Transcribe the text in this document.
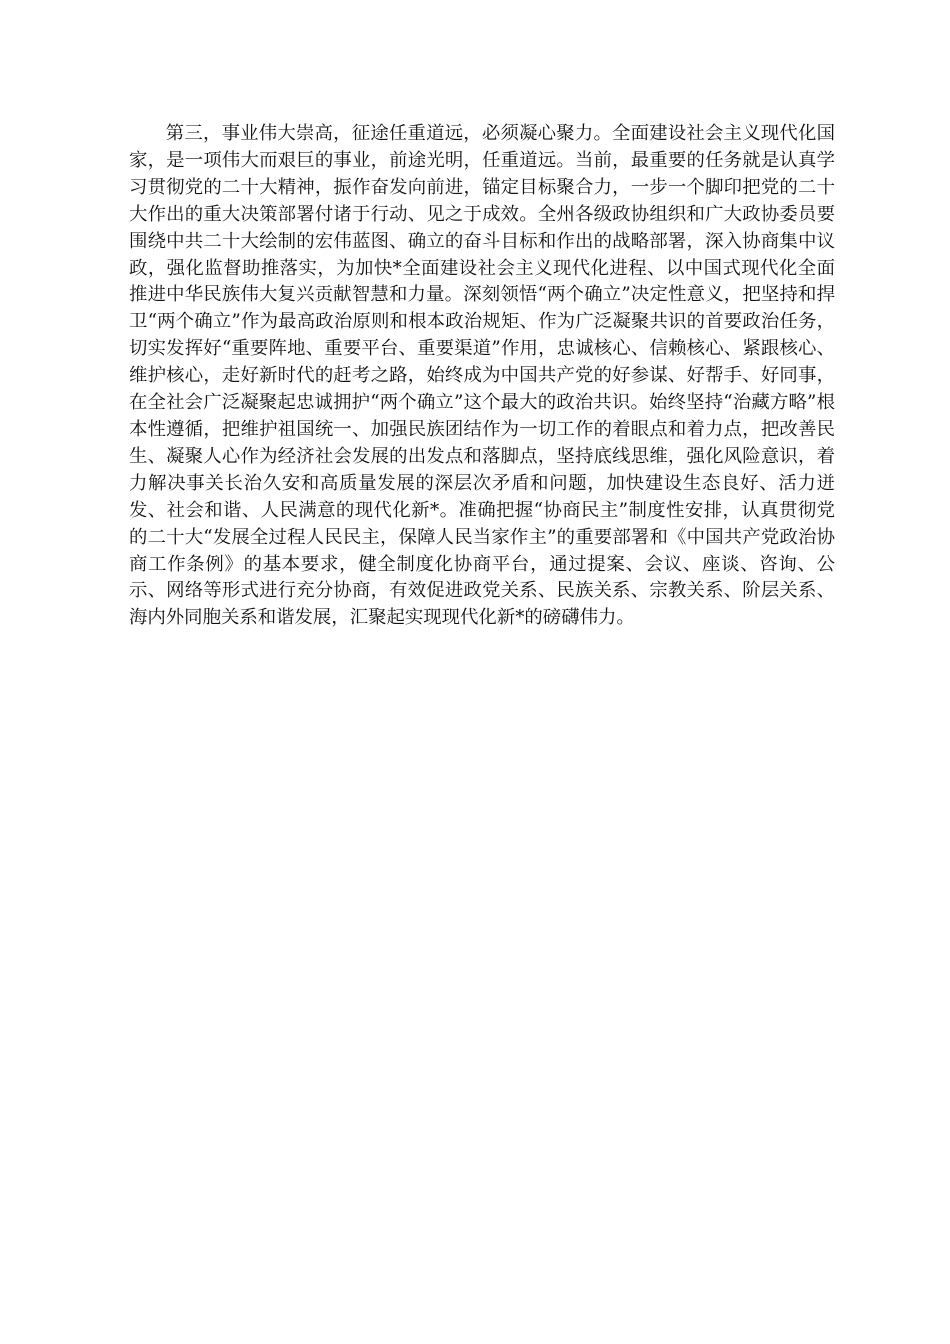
第三，事业伟大崇高，征途任重道远，必须凝心聚力。全面建设社会主义现代化国家，是一项伟大而艰巨的事业，前途光明，任重道远。当前，最重要的任务就是认真学习贯彻党的二十大精神，振作奋发向前进，锚定目标聚合力，一步一个脚印把党的二十大作出的重大决策部署付诸于行动、见之于成效。全州各级政协组织和广大政协委员要围绕中共二十大绘制的宏伟蓝图、确立的奋斗目标和作出的战略部署，深入协商集中议政，强化监督助推落实，为加快*全面建设社会主义现代化进程、以中国式现代化全面推进中华民族伟大复兴贡献智慧和力量。深刻领悟“两个确立”决定性意义，把坚持和捍卫“两个确立”作为最高政治原则和根本政治规矩、作为广泛凝聚共识的首要政治任务，切实发挥好“重要阵地、重要平台、重要渠道”作用，忠诚核心、信赖核心、紧跟核心、维护核心，走好新时代的赶考之路，始终成为中国共产党的好参谋、好帮手、好同事，在全社会广泛凝聚起忠诚拥护“两个确立”这个最大的政治共识。始终坚持“治藏方略”根本性遵循，把维护祖国统一、加强民族团结作为一切工作的着眼点和着力点，把改善民生、凝聚人心作为经济社会发展的出发点和落脚点，坚持底线思维，强化风险意识，着力解决事关长治久安和高质量发展的深层次矛盾和问题，加快建设生态良好、活力迸发、社会和谐、人民满意的现代化新*。准确把握“协商民主”制度性安排，认真贯彻党的二十大“发展全过程人民民主，保障人民当家作主”的重要部署和《中国共产党政治协商工作条例》的基本要求，健全制度化协商平台，通过提案、会议、座谈、咨询、公示、网络等形式进行充分协商，有效促进政党关系、民族关系、宗教关系、阶层关系、海内外同胞关系和谐发展，汇聚起实现现代化新*的磅礴伟力。
